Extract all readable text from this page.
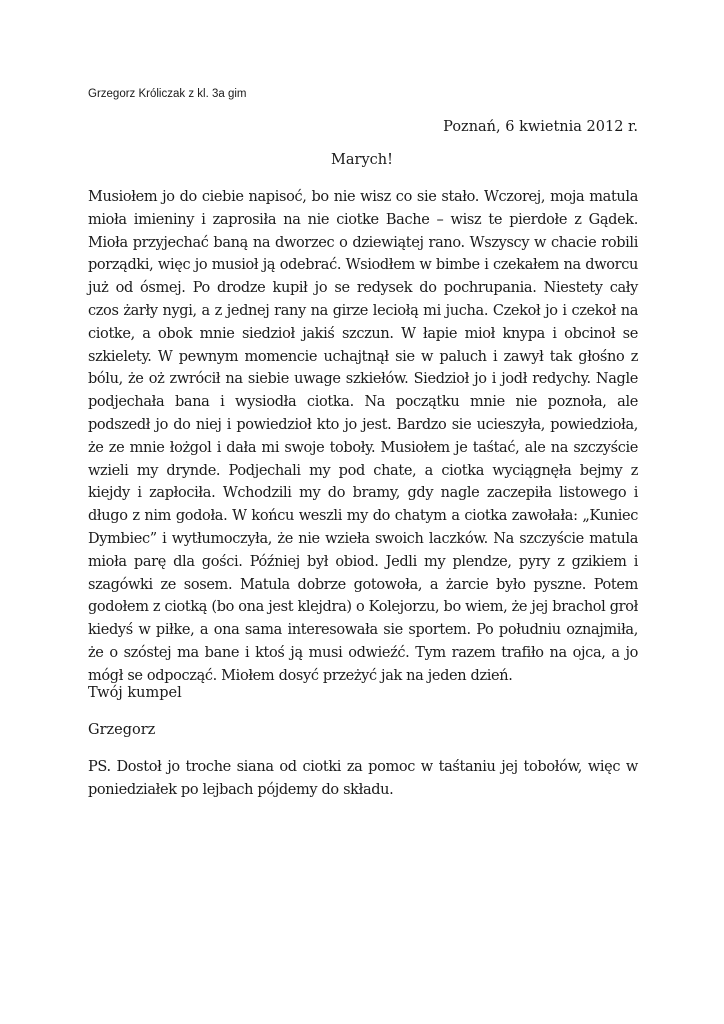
Grzegorz Króliczak z kl. 3a gim
Poznań, 6 kwietnia 2012 r.
Marych!

Musiołem jo do ciebie napisoć, bo nie wisz co sie stało. Wczorej, moja matula mioła imieniny i zaprosiła na nie ciotke Bache – wisz te pierdołe z Gądek. Mioła przyjechać baną na dworzec o dziewiątej rano. Wszyscy w chacie robili porządki, więc jo musioł ją odebrać. Wsiodłem w bimbe i czekałem na dworcu już od ósmej. Po drodze kupił jo se redysek do pochrupania. Niestety cały czos żarły nygi, a z jednej rany na girze leciołą mi jucha. Czekoł jo i czekoł na ciotke, a obok mnie siedzioł jakiś szczun. W łapie mioł knypa i obcinoł se szkielety. W pewnym momencie uchajtnął sie w paluch i zawył tak głośno z bólu, że oż zwrócił na siebie uwage szkiełów. Siedzioł jo i jodł redychy. Nagle podjechała bana i wysiodła ciotka. Na początku mnie nie poznoła, ale podszedł jo do niej i powiedzioł kto jo jest. Bardzo sie ucieszyła, powiedzioła, że ze mnie łożgol i dała mi swoje toboły. Musiołem je taśtać, ale na szczyście wzieli my drynde. Podjechali my pod chate, a ciotka wyciągnęła bejmy z kiejdy i zapłociła. Wchodzili my do bramy, gdy nagle zaczepiła listowego i długo z nim godoła. W końcu weszli my do chatym a ciotka zawołała: „Kuniec Dymbiec” i wytłumoczyła, że nie wzieła swoich laczków. Na szczyście matula mioła parę dla gości. Później był obiod. Jedli my plendze, pyry z gzikiem i szagówki ze sosem. Matula dobrze gotowoła, a żarcie było pyszne. Potem godołem z ciotką (bo ona jest klejdra) o Kolejorzu, bo wiem, że jej brachol groł kiedyś w piłke, a ona sama interesowała sie sportem. Po południu oznajmiła, że o szóstej ma bane i ktoś ją musi odwieźć. Tym razem trafiło na ojca, a jo mógł se odpocząć. Miołem dosyć przeżyć jak na jeden dzień.

Twój kumpel
Grzegorz

PS. Dostoł jo troche siana od ciotki za pomoc w taśtaniu jej tobołów, więc w poniedziałek po lejbach pójdemy do składu.
